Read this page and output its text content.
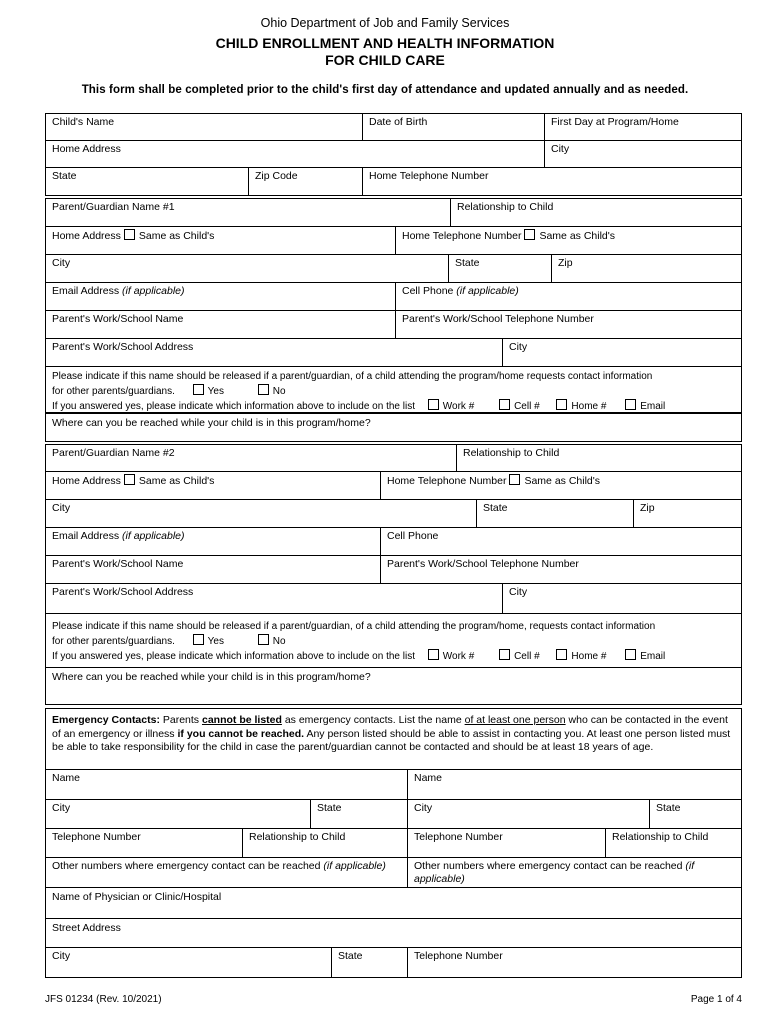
Ohio Department of Job and Family Services
CHILD ENROLLMENT AND HEALTH INFORMATION
FOR CHILD CARE
This form shall be completed prior to the child's first day of attendance and updated annually and as needed.
Child's Name	Date of Birth	First Day at Program/Home
Home Address	City
State	Zip Code	Home Telephone Number
Parent/Guardian Name #1	Relationship to Child
Home Address Same as Child's	Home Telephone Number Same as Child's
City	State	Zip
Email Address (if applicable)	Cell Phone (if applicable)
Parent's Work/School Name	Parent's Work/School Telephone Number
Parent's Work/School Address	City
Please indicate if this name should be released if a parent/guardian, of a child attending the program/home requests contact information
for other parents/guardians.	Yes	No
If you answered yes, please indicate which information above to include on the list	Work #	Cell #	Home #	Email
Where can you be reached while your child is in this program/home?
Parent/Guardian Name #2	Relationship to Child
Home Address Same as Child's	Home Telephone Number Same as Child's
City	State	Zip
Email Address (if applicable)	Cell Phone
Parent's Work/School Name	Parent's Work/School Telephone Number
Parent's Work/School Address	City
Please indicate if this name should be released if a parent/guardian, of a child attending the program/home, requests contact information
for other parents/guardians.	Yes	No
If you answered yes, please indicate which information above to include on the list	Work #	Cell #	Home #	Email
Where can you be reached while your child is in this program/home?
Emergency Contacts: Parents cannot be listed as emergency contacts. List the name of at least one person who can be contacted in the event of an emergency or illness if you cannot be reached. Any person listed should be able to assist in contacting you. At least one person listed must be able to take responsibility for the child in case the parent/guardian cannot be contacted and should be at least 18 years of age.
Name	Name
City	State	City	State
Telephone Number	Relationship to Child	Telephone Number	Relationship to Child
Other numbers where emergency contact can be reached (if applicable)	Other numbers where emergency contact can be reached (if applicable)
Name of Physician or Clinic/Hospital
Street Address
City	State	Telephone Number
JFS 01234 (Rev. 10/2021)	Page 1 of 4
